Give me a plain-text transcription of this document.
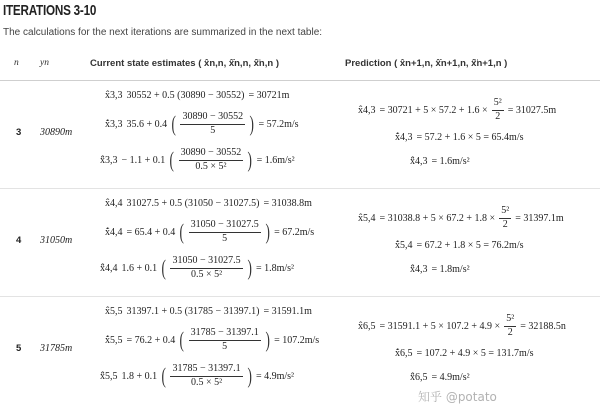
ITERATIONS 3-10
The calculations for the next iterations are summarized in the next table:
n yn	Current state estimates ( x̂n,n, x̂̇n,n, x̂̈n,n )	Prediction ( x̂n+1,n, x̂̇n+1,n, x̂̈n+1,n )
3 30890m
x̂3,3 30552 + 0.5 (30890 − 30552) = 30721m
x̂̇3,3 35.6 + 0.4 ( $\frac{30890 - 30552}{5}$ ) = 57.2m/s
x̂̈3,3 − 1.1 + 0.1 ( $\frac{30890 - 30552}{\text{0.5 × 5²}}$ ) = 1.6m/s²
x̂4,3 = $30721 + 5 \times 57.2 + 1.6 \times \frac{\text{5²}}{2} = 31027.5m$
x̂̇4,3 = 57.2 + 1.6 × 5 = 65.4m/s
x̂̈4,3 = 1.6m/s²
4 31050m
x̂4,4 31027.5 + 0.5 (31050 − 31027.5) = 31038.8m
x̂̇4,4 = 65.4 + 0.4 ( $\frac{31050 - 31027.5}{5}$ ) = 67.2m/s
x̂̈4,4 1.6 + 0.1 ( $\frac{31050 - 31027.5}{\text{0.5 × 5²}}$ ) = 1.8m/s²
x̂5,4 = $31038.8 + 5 \times 67.2 + 1.8 \times \frac{\text{5²}}{2} = 31397.1m$
x̂̇5,4 = 67.2 + 1.8 × 5 = 76.2m/s
x̂̈4,3 = 1.8m/s²
5 31785m
x̂5,5 31397.1 + 0.5 (31785 − 31397.1) = 31591.1m
x̂̇5,5 = 76.2 + 0.4 ( $\frac{31785 - 31397.1}{5}$ ) = 107.2m/s
x̂̈5,5 1.8 + 0.1 ( $\frac{31785 - 31397.1}{\text{0.5 × 5²}}$ ) = 4.9m/s²
x̂6,5 = $31591.1 + 5 \times 107.2 + 4.9 \times \frac{\text{5²}}{2} = 32188.5n$
x̂̇6,5 = 107.2 + 4.9 × 5 = 131.7m/s
x̂̈6,5 = 4.9m/s²
知乎 @potato
